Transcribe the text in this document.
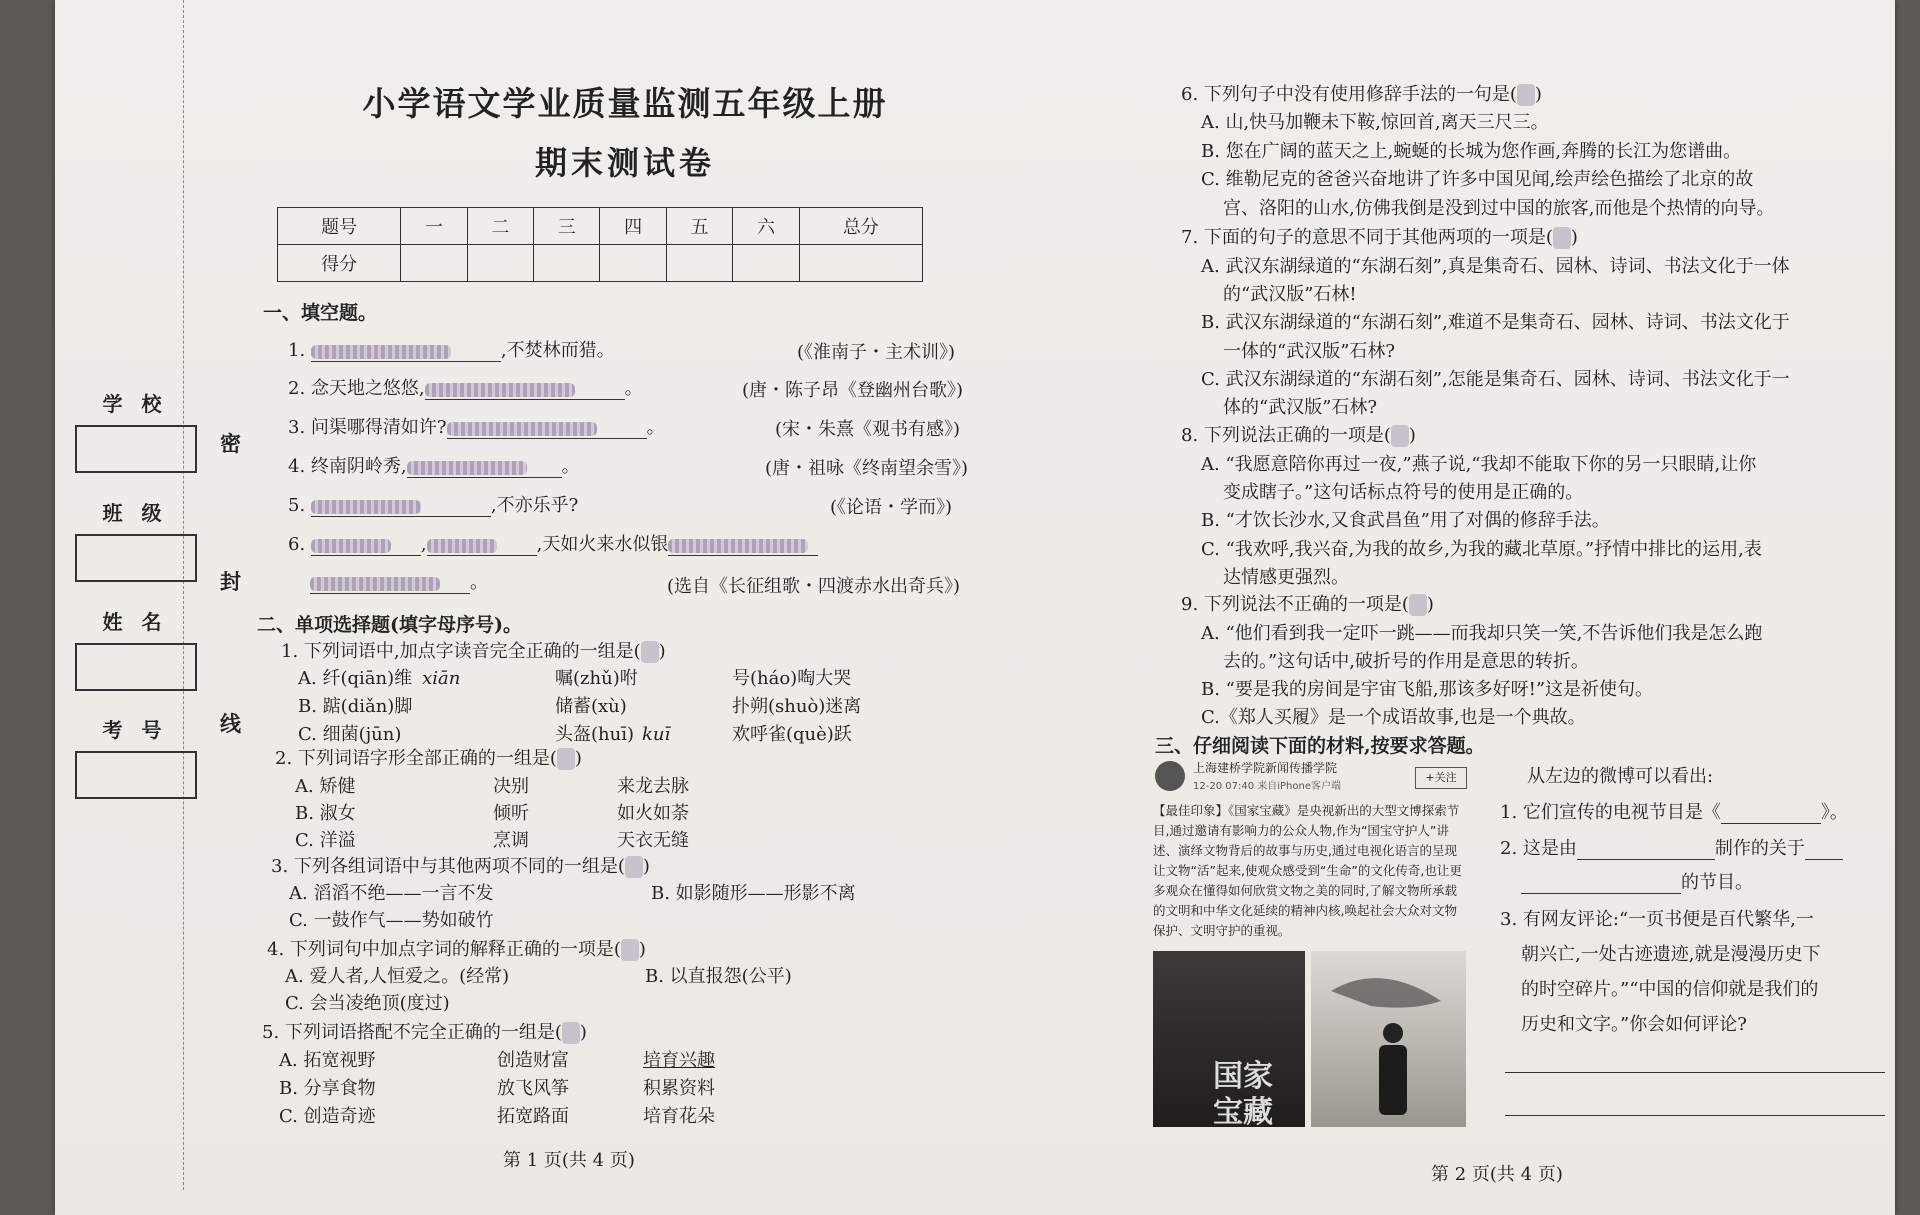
密
封
线
学 校
班 级
姓 名
考 号
小学语文学业质量监测五年级上册
期末测试卷
题号	一	二	三	四	五	六	总分
得分							
一、填空题。
1.	,不焚林而猎。	(《淮南子・主术训》)
2. 念天地之悠悠,	。	(唐・陈子昂《登幽州台歌》)
3. 问渠哪得清如许?	。	(宋・朱熹《观书有感》)
4. 终南阴岭秀,	。	(唐・祖咏《终南望余雪》)
5.	,不亦乐乎?	(《论语・学而》)
6.	,	,天如火来水似银
。	(选自《长征组歌・四渡赤水出奇兵》)
二、单项选择题(填字母序号)。
1. 下列词语中,加点字读音完全正确的一组是( )
A. 纤(qiān)维 xiān	嘱(zhǔ)咐	号(háo)啕大哭
B. 踮(diǎn)脚	储蓄(xù)	扑朔(shuò)迷离
C. 细菌(jūn)	头盔(huī) kuī	欢呼雀(què)跃
2. 下列词语字形全部正确的一组是( )
A. 矫健	决别	来龙去脉
B. 淑女	倾听	如火如荼
C. 洋溢	烹调	天衣无缝
3. 下列各组词语中与其他两项不同的一组是( )
A. 滔滔不绝——一言不发	B. 如影随形——形影不离
C. 一鼓作气——势如破竹
4. 下列词句中加点字词的解释正确的一项是( )
A. 爱人者,人恒爱之。(经常)	B. 以直报怨(公平)
C. 会当凌绝顶(度过)
5. 下列词语搭配不完全正确的一组是( )
A. 拓宽视野	创造财富	培育兴趣
B. 分享食物	放飞风筝	积累资料
C. 创造奇迹	拓宽路面	培育花朵
第 1 页(共 4 页)
6. 下列句子中没有使用修辞手法的一句是( )
A. 山,快马加鞭未下鞍,惊回首,离天三尺三。
B. 您在广阔的蓝天之上,蜿蜒的长城为您作画,奔腾的长江为您谱曲。
C. 维勒尼克的爸爸兴奋地讲了许多中国见闻,绘声绘色描绘了北京的故
宫、洛阳的山水,仿佛我倒是没到过中国的旅客,而他是个热情的向导。
7. 下面的句子的意思不同于其他两项的一项是( )
A. 武汉东湖绿道的“东湖石刻”,真是集奇石、园林、诗词、书法文化于一体
的“武汉版”石林!
B. 武汉东湖绿道的“东湖石刻”,难道不是集奇石、园林、诗词、书法文化于
一体的“武汉版”石林?
C. 武汉东湖绿道的“东湖石刻”,怎能是集奇石、园林、诗词、书法文化于一
体的“武汉版”石林?
8. 下列说法正确的一项是( )
A. “我愿意陪你再过一夜,”燕子说,“我却不能取下你的另一只眼睛,让你
变成瞎子。”这句话标点符号的使用是正确的。
B. “才饮长沙水,又食武昌鱼”用了对偶的修辞手法。
C. “我欢呼,我兴奋,为我的故乡,为我的藏北草原。”抒情中排比的运用,表
达情感更强烈。
9. 下列说法不正确的一项是( )
A. “他们看到我一定吓一跳——而我却只笑一笑,不告诉他们我是怎么跑
去的。”这句话中,破折号的作用是意思的转折。
B. “要是我的房间是宇宙飞船,那该多好呀!”这是祈使句。
C.《郑人买履》是一个成语故事,也是一个典故。
三、仔细阅读下面的材料,按要求答题。
上海建桥学院新闻传播学院
12-20 07:40 来自iPhone客户端
+关注
【最佳印象】《国家宝藏》是央视新出的大型文博探索节目,通过邀请有影响力的公众人物,作为“国宝守护人”讲述、演绎文物背后的故事与历史,通过电视化语言的呈现让文物“活”起来,使观众感受到“生命”的文化传奇,也让更多观众在懂得如何欣赏文物之美的同时,了解文物所承载的文明和中华文化延续的精神内核,唤起社会大众对文物保护、文明守护的重视。
国家
宝藏
从左边的微博可以看出:
1. 它们宣传的电视节目是《	》。
2. 这是由	制作的关于
的节目。
3. 有网友评论:“一页书便是百代繁华,一
朝兴亡,一处古迹遗迹,就是漫漫历史下
的时空碎片。”“中国的信仰就是我们的
历史和文字。”你会如何评论?
第 2 页(共 4 页)
